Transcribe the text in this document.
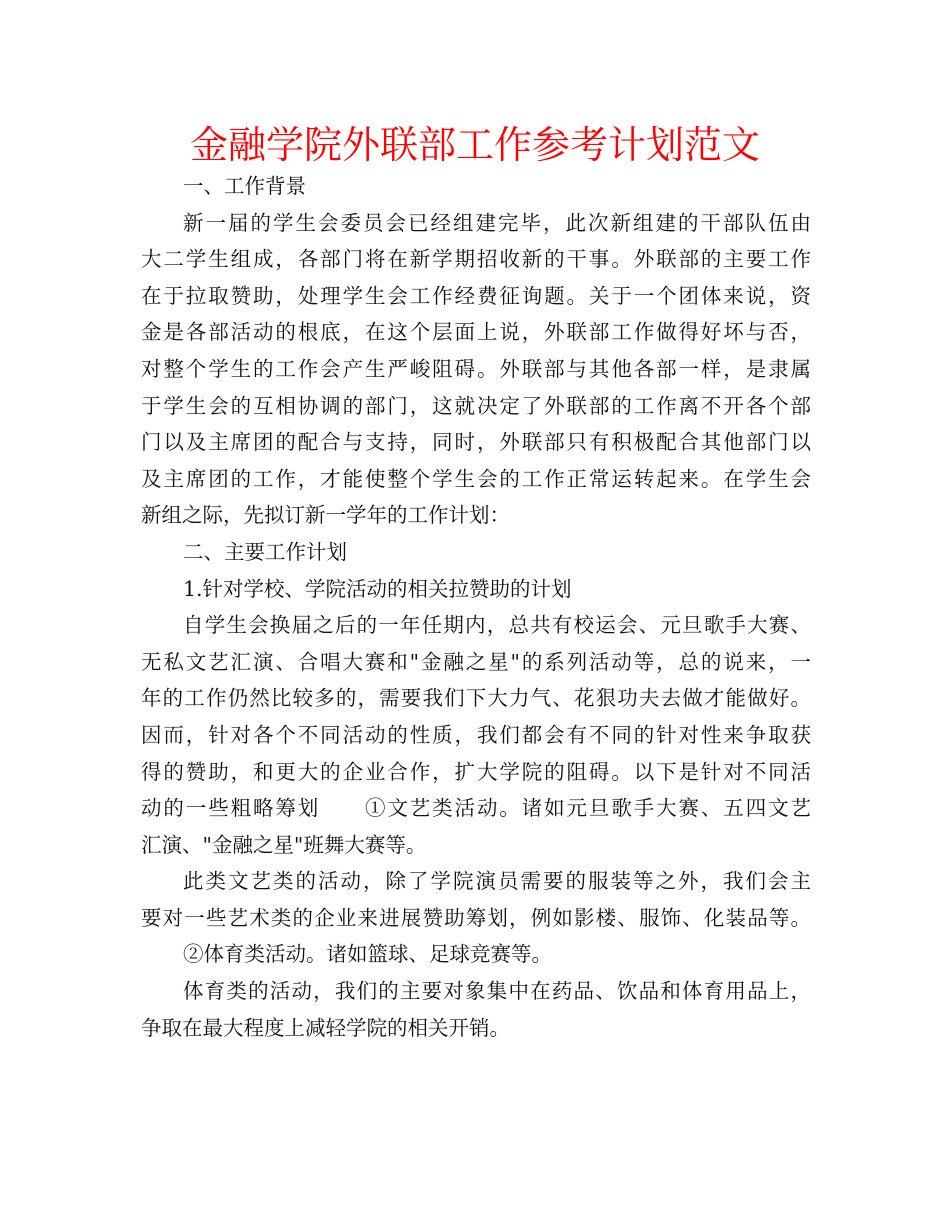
金融学院外联部工作参考计划范文
一、工作背景
新一届的学生会委员会已经组建完毕，此次新组建的干部队伍由
大二学生组成，各部门将在新学期招收新的干事。外联部的主要工作
在于拉取赞助，处理学生会工作经费征询题。关于一个团体来说，资
金是各部活动的根底，在这个层面上说，外联部工作做得好坏与否，
对整个学生的工作会产生严峻阻碍。外联部与其他各部一样，是隶属
于学生会的互相协调的部门，这就决定了外联部的工作离不开各个部
门以及主席团的配合与支持，同时，外联部只有积极配合其他部门以
及主席团的工作，才能使整个学生会的工作正常运转起来。在学生会
新组之际，先拟订新一学年的工作计划：
二、主要工作计划
1.针对学校、学院活动的相关拉赞助的计划
自学生会换届之后的一年任期内，总共有校运会、元旦歌手大赛、
无私文艺汇演、合唱大赛和"金融之星"的系列活动等，总的说来，一
年的工作仍然比较多的，需要我们下大力气、花狠功夫去做才能做好。
因而，针对各个不同活动的性质，我们都会有不同的针对性来争取获
得的赞助，和更大的企业合作，扩大学院的阻碍。以下是针对不同活
动的一些粗略筹划　　①文艺类活动。诸如元旦歌手大赛、五四文艺
汇演、"金融之星"班舞大赛等。
此类文艺类的活动，除了学院演员需要的服装等之外，我们会主
要对一些艺术类的企业来进展赞助筹划，例如影楼、服饰、化装品等。
②体育类活动。诸如篮球、足球竞赛等。
体育类的活动，我们的主要对象集中在药品、饮品和体育用品上，
争取在最大程度上减轻学院的相关开销。
